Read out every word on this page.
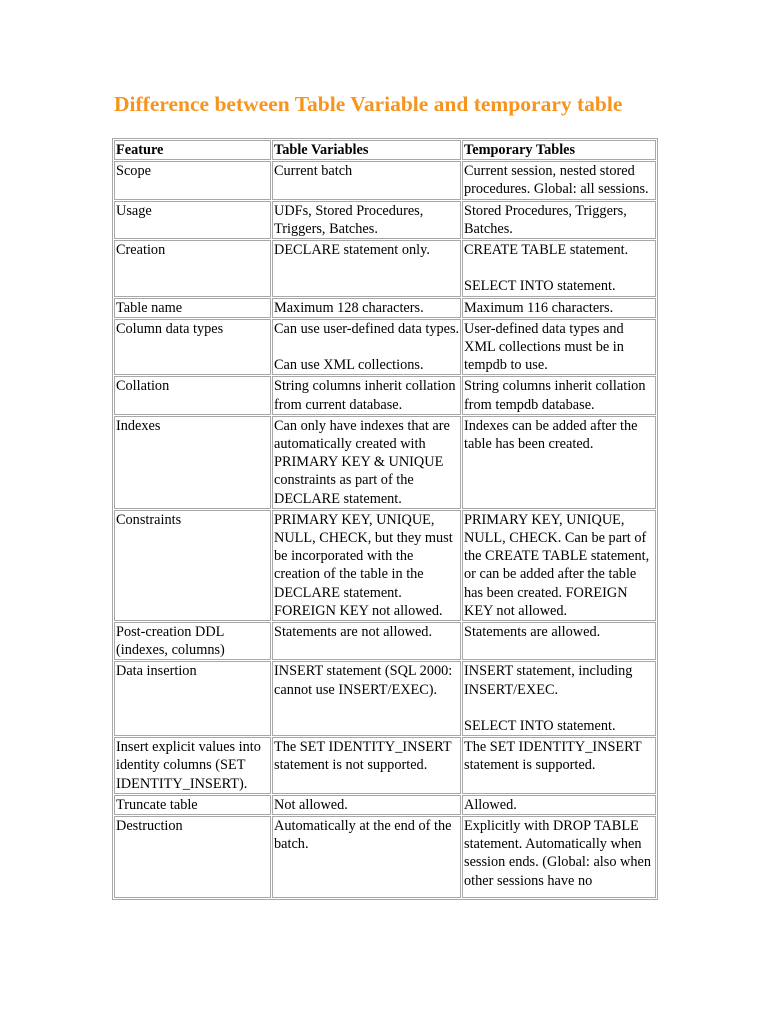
Difference between Table Variable and temporary table
Feature	Table Variables	Temporary Tables

Scope	Current batch	Current session, nested stored procedures. Global: all sessions.

Usage	UDFs, Stored Procedures, Triggers, Batches.	Stored Procedures, Triggers, Batches.

Creation	DECLARE statement only.	CREATE TABLE statement.
SELECT INTO statement.

Table name	Maximum 128 characters.	Maximum 116 characters.

Column data types	Can use user-defined data types.
Can use XML collections.	User-defined data types and XML collections must be in tempdb to use.

Collation	String columns inherit collation from current database.	String columns inherit collation from tempdb database.

Indexes	Can only have indexes that are automatically created with PRIMARY KEY & UNIQUE constraints as part of the DECLARE statement.	Indexes can be added after the table has been created.

Constraints	PRIMARY KEY, UNIQUE, NULL, CHECK, but they must be incorporated with the creation of the table in the DECLARE statement. FOREIGN KEY not allowed.	PRIMARY KEY, UNIQUE, NULL, CHECK. Can be part of the CREATE TABLE statement, or can be added after the table has been created. FOREIGN KEY not allowed.

Post-creation DDL (indexes, columns)	Statements are not allowed.	Statements are allowed.

Data insertion	INSERT statement (SQL 2000: cannot use INSERT/EXEC).	INSERT statement, including INSERT/EXEC.
SELECT INTO statement.

Insert explicit values into identity columns (SET IDENTITY_INSERT).	The SET IDENTITY_INSERT statement is not supported.	The SET IDENTITY_INSERT statement is supported.

Truncate table	Not allowed.	Allowed.

Destruction	Automatically at the end of the batch.	Explicitly with DROP TABLE statement. Automatically when session ends. (Global: also when other sessions have no
